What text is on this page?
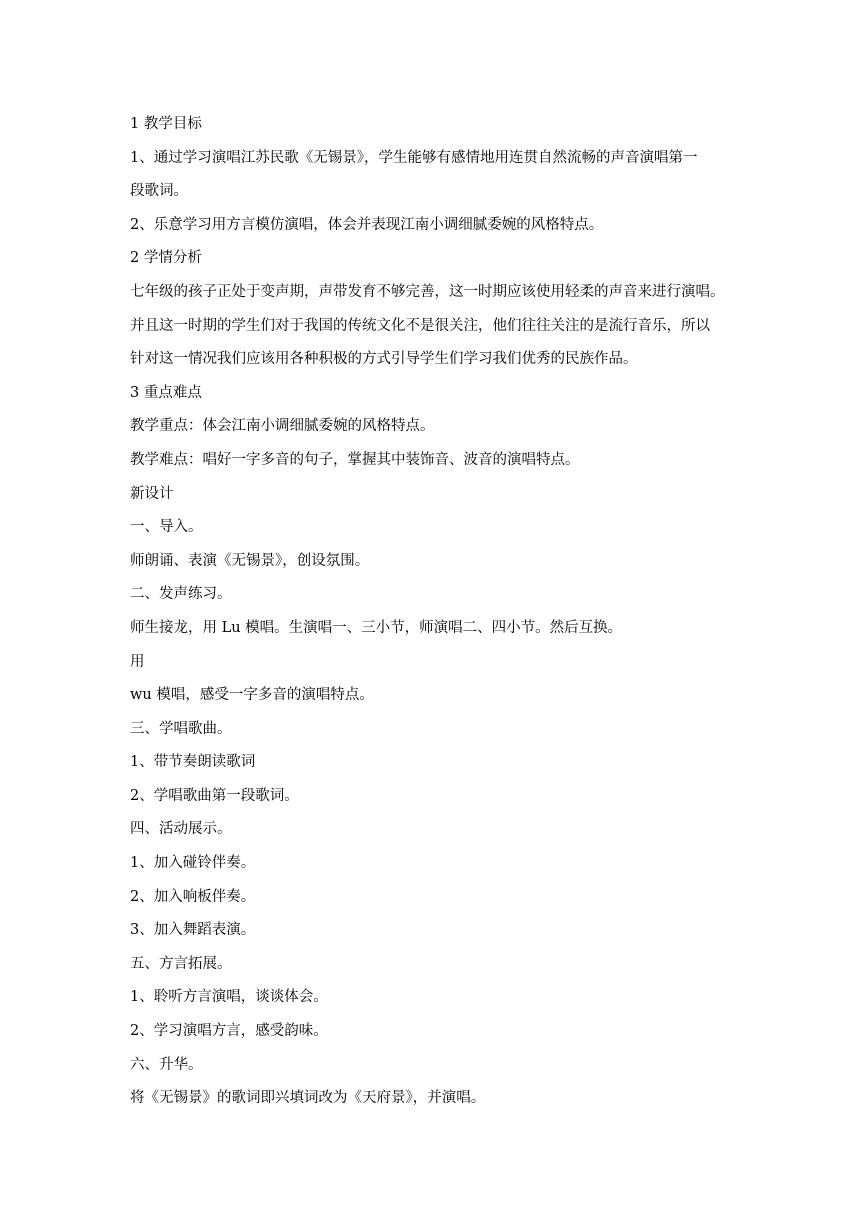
1 教学目标
1、通过学习演唱江苏民歌《无锡景》，学生能够有感情地用连贯自然流畅的声音演唱第一
段歌词。
2、乐意学习用方言模仿演唱，体会并表现江南小调细腻委婉的风格特点。
2 学情分析
七年级的孩子正处于变声期，声带发育不够完善，这一时期应该使用轻柔的声音来进行演唱。
并且这一时期的学生们对于我国的传统文化不是很关注，他们往往关注的是流行音乐，所以
针对这一情况我们应该用各种积极的方式引导学生们学习我们优秀的民族作品。
3 重点难点
教学重点：体会江南小调细腻委婉的风格特点。
教学难点：唱好一字多音的句子，掌握其中装饰音、波音的演唱特点。
新设计
一、导入。
师朗诵、表演《无锡景》，创设氛围。
二、发声练习。
师生接龙，用 Lu 模唱。生演唱一、三小节，师演唱二、四小节。然后互换。
用
wu 模唱，感受一字多音的演唱特点。
三、学唱歌曲。
1、带节奏朗读歌词
2、学唱歌曲第一段歌词。
四、活动展示。
1、加入碰铃伴奏。
2、加入响板伴奏。
3、加入舞蹈表演。
五、方言拓展。
1、聆听方言演唱，谈谈体会。
2、学习演唱方言，感受韵味。
六、升华。
将《无锡景》的歌词即兴填词改为《天府景》，并演唱。
